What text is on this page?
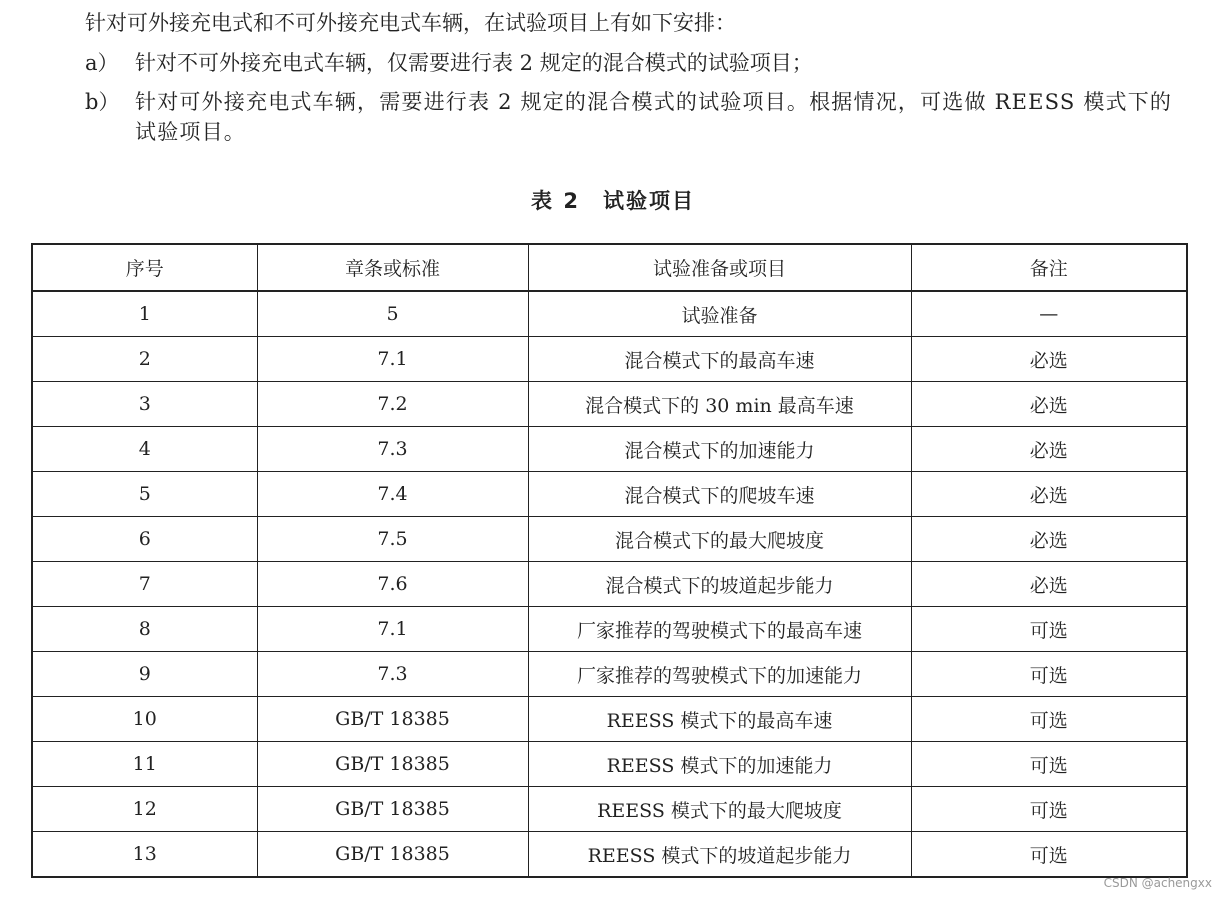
针对可外接充电式和不可外接充电式车辆，在试验项目上有如下安排：
a） 针对不可外接充电式车辆，仅需要进行表 2 规定的混合模式的试验项目；
b） 针对可外接充电式车辆，需要进行表 2 规定的混合模式的试验项目。根据情况，可选做 REESS 模式下的试验项目。
表 2　试验项目
序号	章条或标准	试验准备或项目	备注
1	5	试验准备	—
2	7.1	混合模式下的最高车速	必选
3	7.2	混合模式下的 30 min 最高车速	必选
4	7.3	混合模式下的加速能力	必选
5	7.4	混合模式下的爬坡车速	必选
6	7.5	混合模式下的最大爬坡度	必选
7	7.6	混合模式下的坡道起步能力	必选
8	7.1	厂家推荐的驾驶模式下的最高车速	可选
9	7.3	厂家推荐的驾驶模式下的加速能力	可选
10	GB/T 18385	REESS 模式下的最高车速	可选
11	GB/T 18385	REESS 模式下的加速能力	可选
12	GB/T 18385	REESS 模式下的最大爬坡度	可选
13	GB/T 18385	REESS 模式下的坡道起步能力	可选
CSDN @achengxx
